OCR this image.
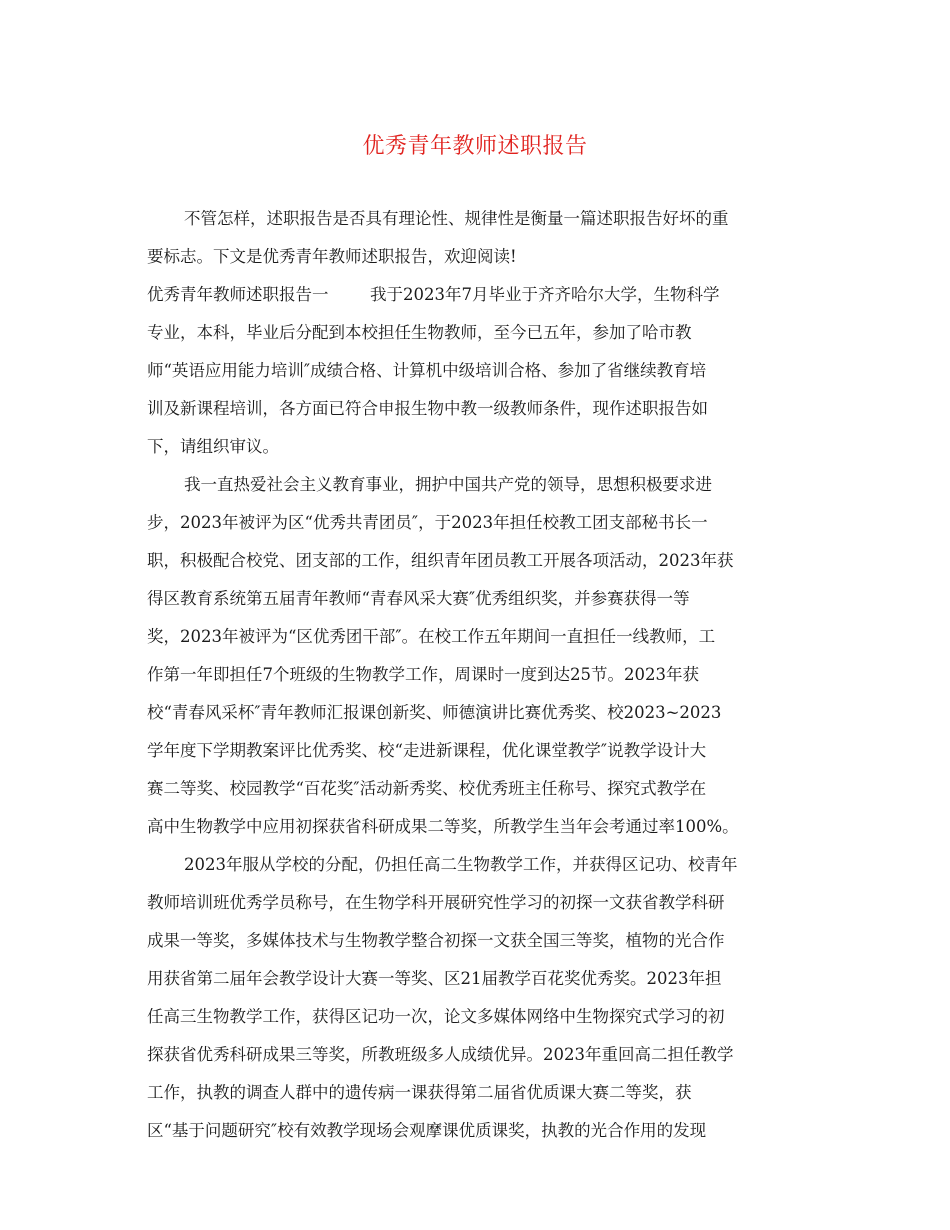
优秀青年教师述职报告
不管怎样，述职报告是否具有理论性、规律性是衡量一篇述职报告好坏的重
要标志。下文是优秀青年教师述职报告，欢迎阅读!
优秀青年教师述职报告一	我于2023年7月毕业于齐齐哈尔大学，生物科学
专业，本科，毕业后分配到本校担任生物教师，至今已五年，参加了哈市教
师“英语应用能力培训″成绩合格、计算机中级培训合格、参加了省继续教育培
训及新课程培训，各方面已符合申报生物中教一级教师条件，现作述职报告如
下，请组织审议。
我一直热爱社会主义教育事业，拥护中国共产党的领导，思想积极要求进
步，2023年被评为区“优秀共青团员″，于2023年担任校教工团支部秘书长一
职，积极配合校党、团支部的工作，组织青年团员教工开展各项活动，2023年获
得区教育系统第五届青年教师“青春风采大赛″优秀组织奖，并参赛获得一等
奖，2023年被评为“区优秀团干部″。在校工作五年期间一直担任一线教师，工
作第一年即担任7个班级的生物教学工作，周课时一度到达25节。2023年获
校“青春风采杯″青年教师汇报课创新奖、师德演讲比赛优秀奖、校2023~2023
学年度下学期教案评比优秀奖、校“走进新课程，优化课堂教学″说教学设计大
赛二等奖、校园教学“百花奖″活动新秀奖、校优秀班主任称号、探究式教学在
高中生物教学中应用初探获省科研成果二等奖，所教学生当年会考通过率100%。
2023年服从学校的分配，仍担任高二生物教学工作，并获得区记功、校青年
教师培训班优秀学员称号，在生物学科开展研究性学习的初探一文获省教学科研
成果一等奖，多媒体技术与生物教学整合初探一文获全国三等奖，植物的光合作
用获省第二届年会教学设计大赛一等奖、区21届教学百花奖优秀奖。2023年担
任高三生物教学工作，获得区记功一次，论文多媒体网络中生物探究式学习的初
探获省优秀科研成果三等奖，所教班级多人成绩优异。2023年重回高二担任教学
工作，执教的调查人群中的遗传病一课获得第二届省优质课大赛二等奖，获
区“基于问题研究″校有效教学现场会观摩课优质课奖，执教的光合作用的发现
